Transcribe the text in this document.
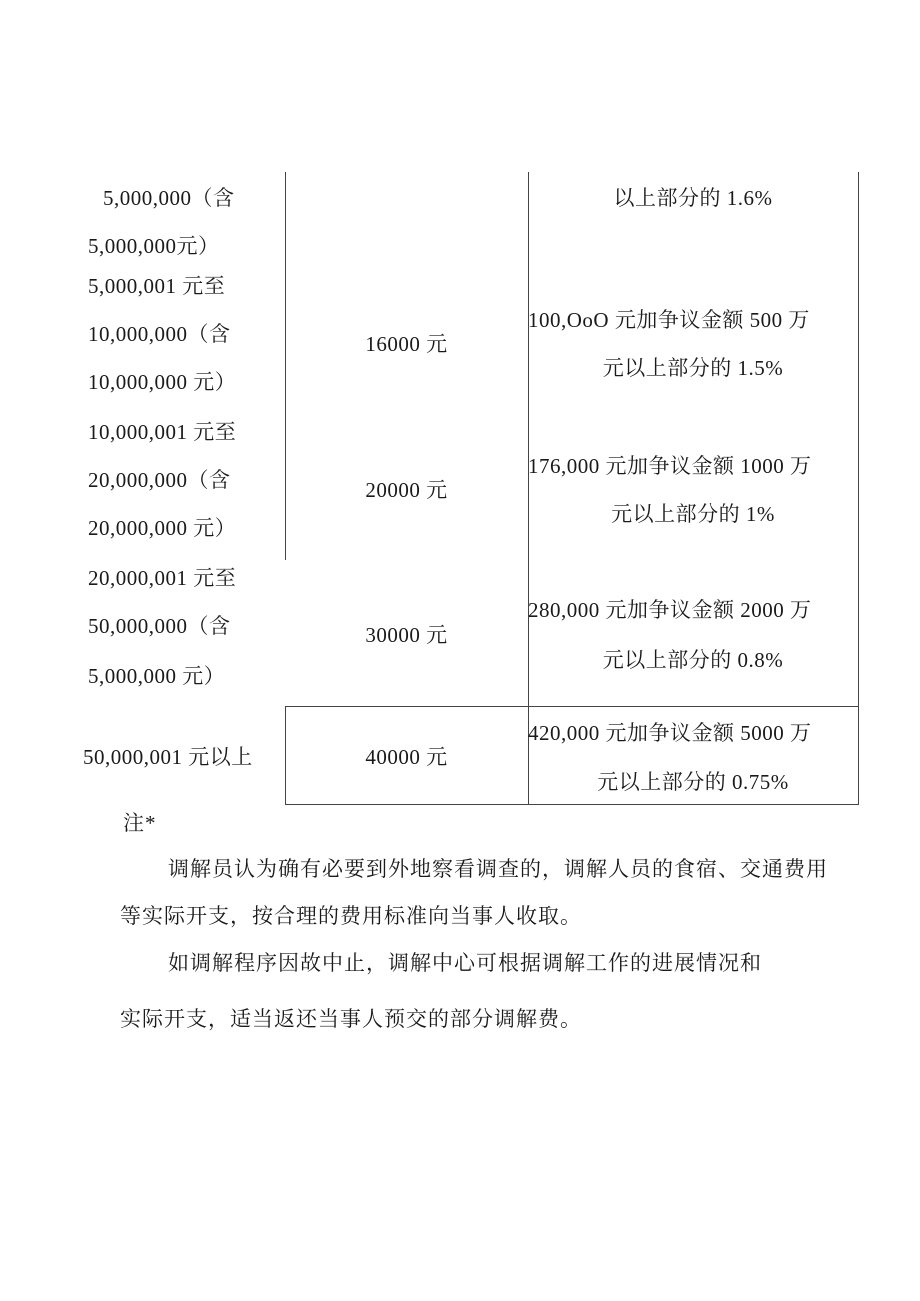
5,000,000（含
5,000,000元）
以上部分的 1.6%
5,000,001 元至
10,000,000（含
10,000,000 元）
16000 元
100,OoO 元加争议金额 500 万
元以上部分的 1.5%
10,000,001 元至
20,000,000（含
20,000,000 元）
20000 元
176,000 元加争议金额 1000 万
元以上部分的 1%
20,000,001 元至
50,000,000（含
5,000,000 元）
30000 元
280,000 元加争议金额 2000 万
元以上部分的 0.8%
50,000,001 元以上	40000 元
420,000 元加争议金额 5000 万
元以上部分的 0.75%
注*
调解员认为确有必要到外地察看调查的，调解人员的食宿、交通费用
等实际开支，按合理的费用标准向当事人收取。
如调解程序因故中止，调解中心可根据调解工作的进展情况和
实际开支，适当返还当事人预交的部分调解费。
